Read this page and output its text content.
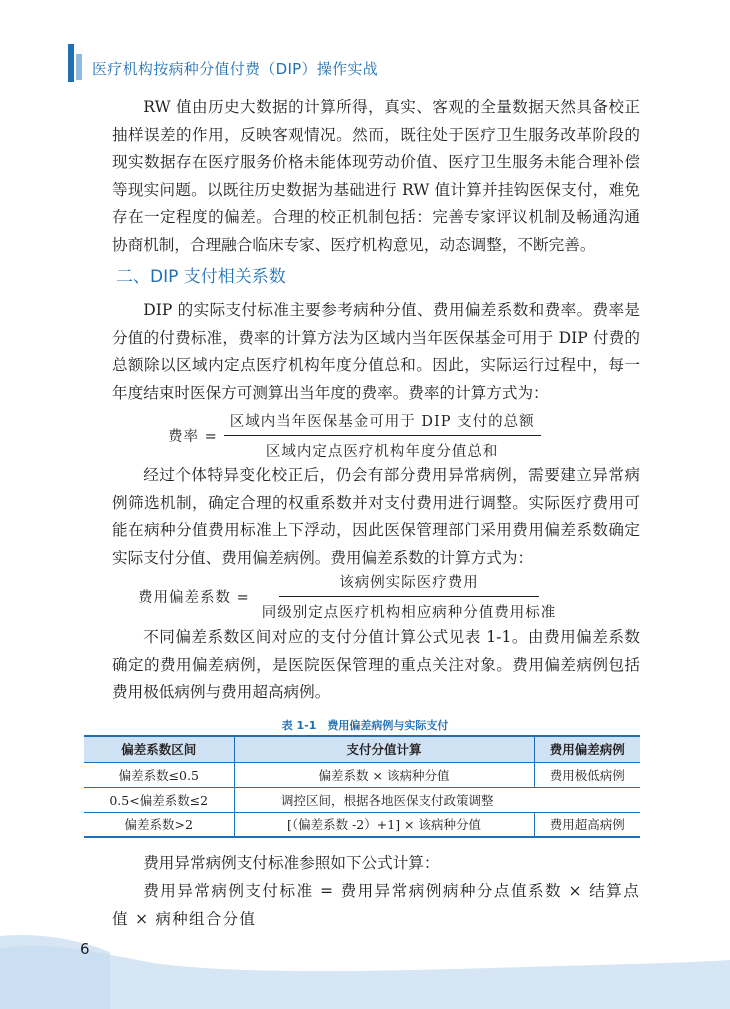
医疗机构按病种分值付费（DIP）操作实战

RW 值由历史大数据的计算所得，真实、客观的全量数据天然具备校正抽样误差的作用，反映客观情况。然而，既往处于医疗卫生服务改革阶段的现实数据存在医疗服务价格未能体现劳动价值、医疗卫生服务未能合理补偿等现实问题。以既往历史数据为基础进行 RW 值计算并挂钩医保支付，难免存在一定程度的偏差。合理的校正机制包括：完善专家评议机制及畅通沟通协商机制，合理融合临床专家、医疗机构意见，动态调整，不断完善。

二、DIP 支付相关系数

DIP 的实际支付标准主要参考病种分值、费用偏差系数和费率。费率是分值的付费标准，费率的计算方法为区域内当年医保基金可用于 DIP 付费的总额除以区域内定点医疗机构年度分值总和。因此，实际运行过程中，每一年度结束时医保方可测算出当年度的费率。费率的计算方式为：

费率 = $\frac{\text{区域内当年医保基金可用于 DIP 支付的总额}}{\text{区域内定点医疗机构年度分值总和}}$

经过个体特异变化校正后，仍会有部分费用异常病例，需要建立异常病例筛选机制，确定合理的权重系数并对支付费用进行调整。实际医疗费用可能在病种分值费用标准上下浮动，因此医保管理部门采用费用偏差系数确定实际支付分值、费用偏差病例。费用偏差系数的计算方式为：

费用偏差系数 = $\frac{\text{该病例实际医疗费用}}{\text{同级别定点医疗机构相应病种分值费用标准}}$

不同偏差系数区间对应的支付分值计算公式见表 1-1。由费用偏差系数确定的费用偏差病例，是医院医保管理的重点关注对象。费用偏差病例包括费用极低病例与费用超高病例。

表 1-1　费用偏差病例与实际支付
偏差系数区间	支付分值计算	费用偏差病例
偏差系数≤0.5	偏差系数 × 该病种分值	费用极低病例
0.5<偏差系数≤2	调控区间，根据各地医保支付政策调整	
偏差系数>2	[（偏差系数 -2）+1] × 该病种分值	费用超高病例

费用异常病例支付标准参照如下公式计算：

费用异常病例支付标准 = 费用异常病例病种分点值系数 × 结算点值 × 病种组合分值

6
